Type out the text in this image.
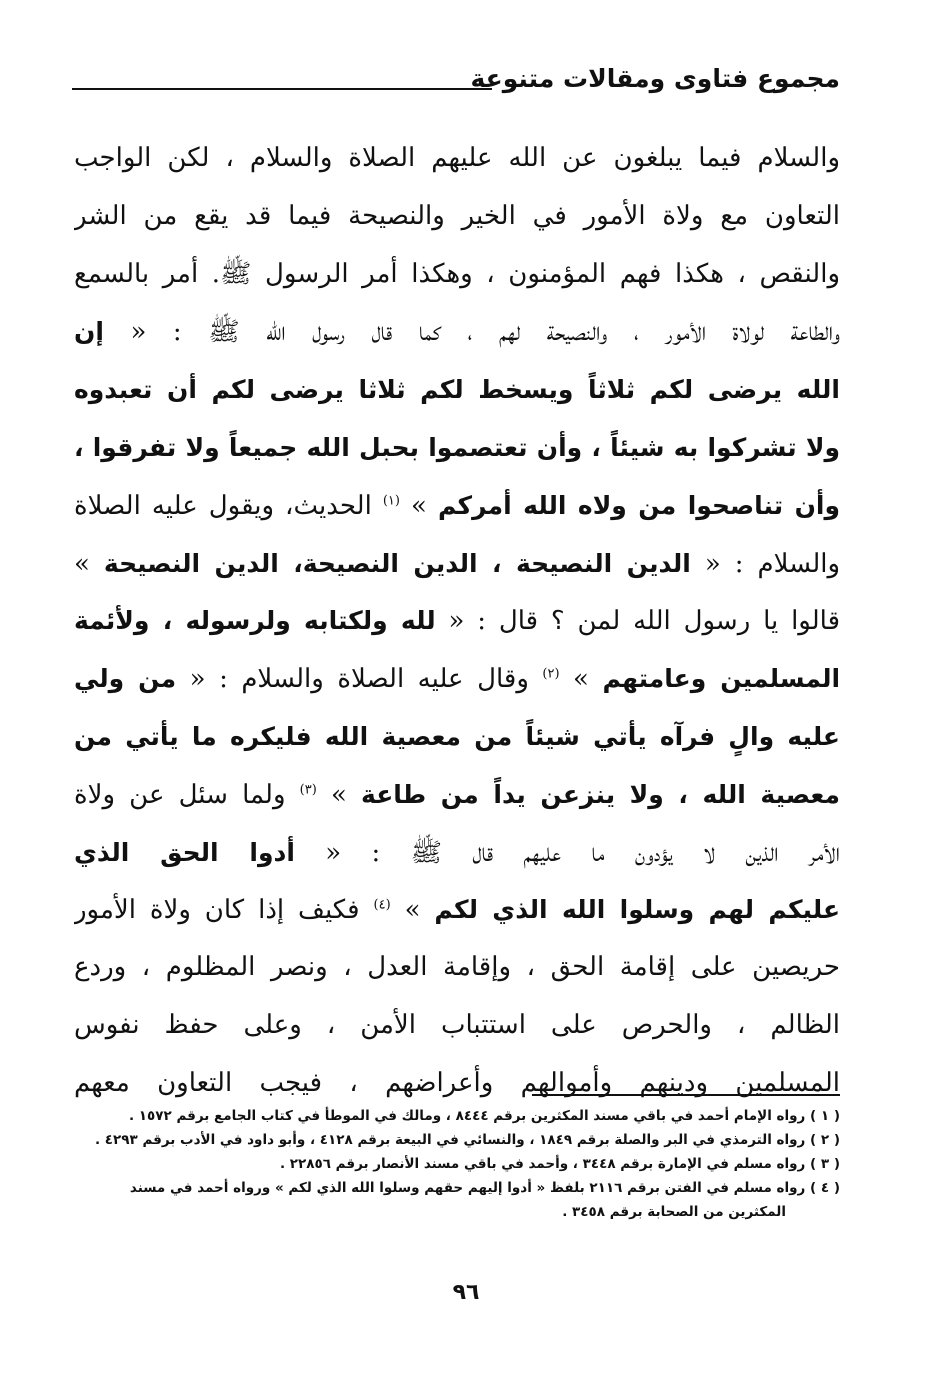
مجموع فتاوى ومقالات متنوعة
والسلام فيما يبلغون عن الله عليهم الصلاة والسلام ، لكن الواجب
التعاون مع ولاة الأمور في الخير والنصيحة فيما قد يقع من الشر
والنقص ، هكذا فهم المؤمنون ، وهكذا أمر الرسول ﷺ. أمر بالسمع
والطاعة لولاة الأمور ، والنصيحة لهم ، كما قال رسول الله ﷺ : « إن
الله يرضى لكم ثلاثاً ويسخط لكم ثلاثا يرضى لكم أن تعبدوه
ولا تشركوا به شيئاً ، وأن تعتصموا بحبل الله جميعاً ولا تفرقوا ،
وأن تناصحوا من ولاه الله أمركم » $^{(١)}$ الحديث، ويقول عليه الصلاة
والسلام : « الدين النصيحة ، الدين النصيحة، الدين النصيحة »
قالوا يا رسول الله لمن ؟ قال : « لله ولكتابه ولرسوله ، ولأئمة
المسلمين وعامتهم » $^{(٢)}$ وقال عليه الصلاة والسلام : « من ولي
عليه والٍ فرآه يأتي شيئاً من معصية الله فليكره ما يأتي من
معصية الله ، ولا ينزعن يداً من طاعة » $^{(٣)}$ ولما سئل عن ولاة
الأمر الذين لا يؤدون ما عليهم قال ﷺ : « أدوا الحق الذي
عليكم لهم وسلوا الله الذي لكم » $^{(٤)}$ فكيف إذا كان ولاة الأمور
حريصين على إقامة الحق ، وإقامة العدل ، ونصر المظلوم ، وردع
الظالم ، والحرص على استتباب الأمن ، وعلى حفظ نفوس
المسلمين ودينهم وأموالهم وأعراضهم ، فيجب التعاون معهم
( ١ ) رواه الإمام أحمد في باقي مسند المكثرين برقم ٨٤٤٤ ، ومالك في الموطأ في كتاب الجامع برقم ١٥٧٢ .
( ٢ ) رواه الترمذي في البر والصلة برقم ١٨٤٩ ، والنسائي في البيعة برقم ٤١٢٨ ، وأبو داود في الأدب برقم ٤٢٩٣ .
( ٣ ) رواه مسلم في الإمارة برقم ٣٤٤٨ ، وأحمد في باقي مسند الأنصار برقم ٢٢٨٥٦ .
( ٤ ) رواه مسلم في الفتن برقم ٢١١٦ بلفظ « أدوا إليهم حقهم وسلوا الله الذي لكم » ورواه أحمد في مسند
المكثرين من الصحابة برقم ٣٤٥٨ .
٩٦
